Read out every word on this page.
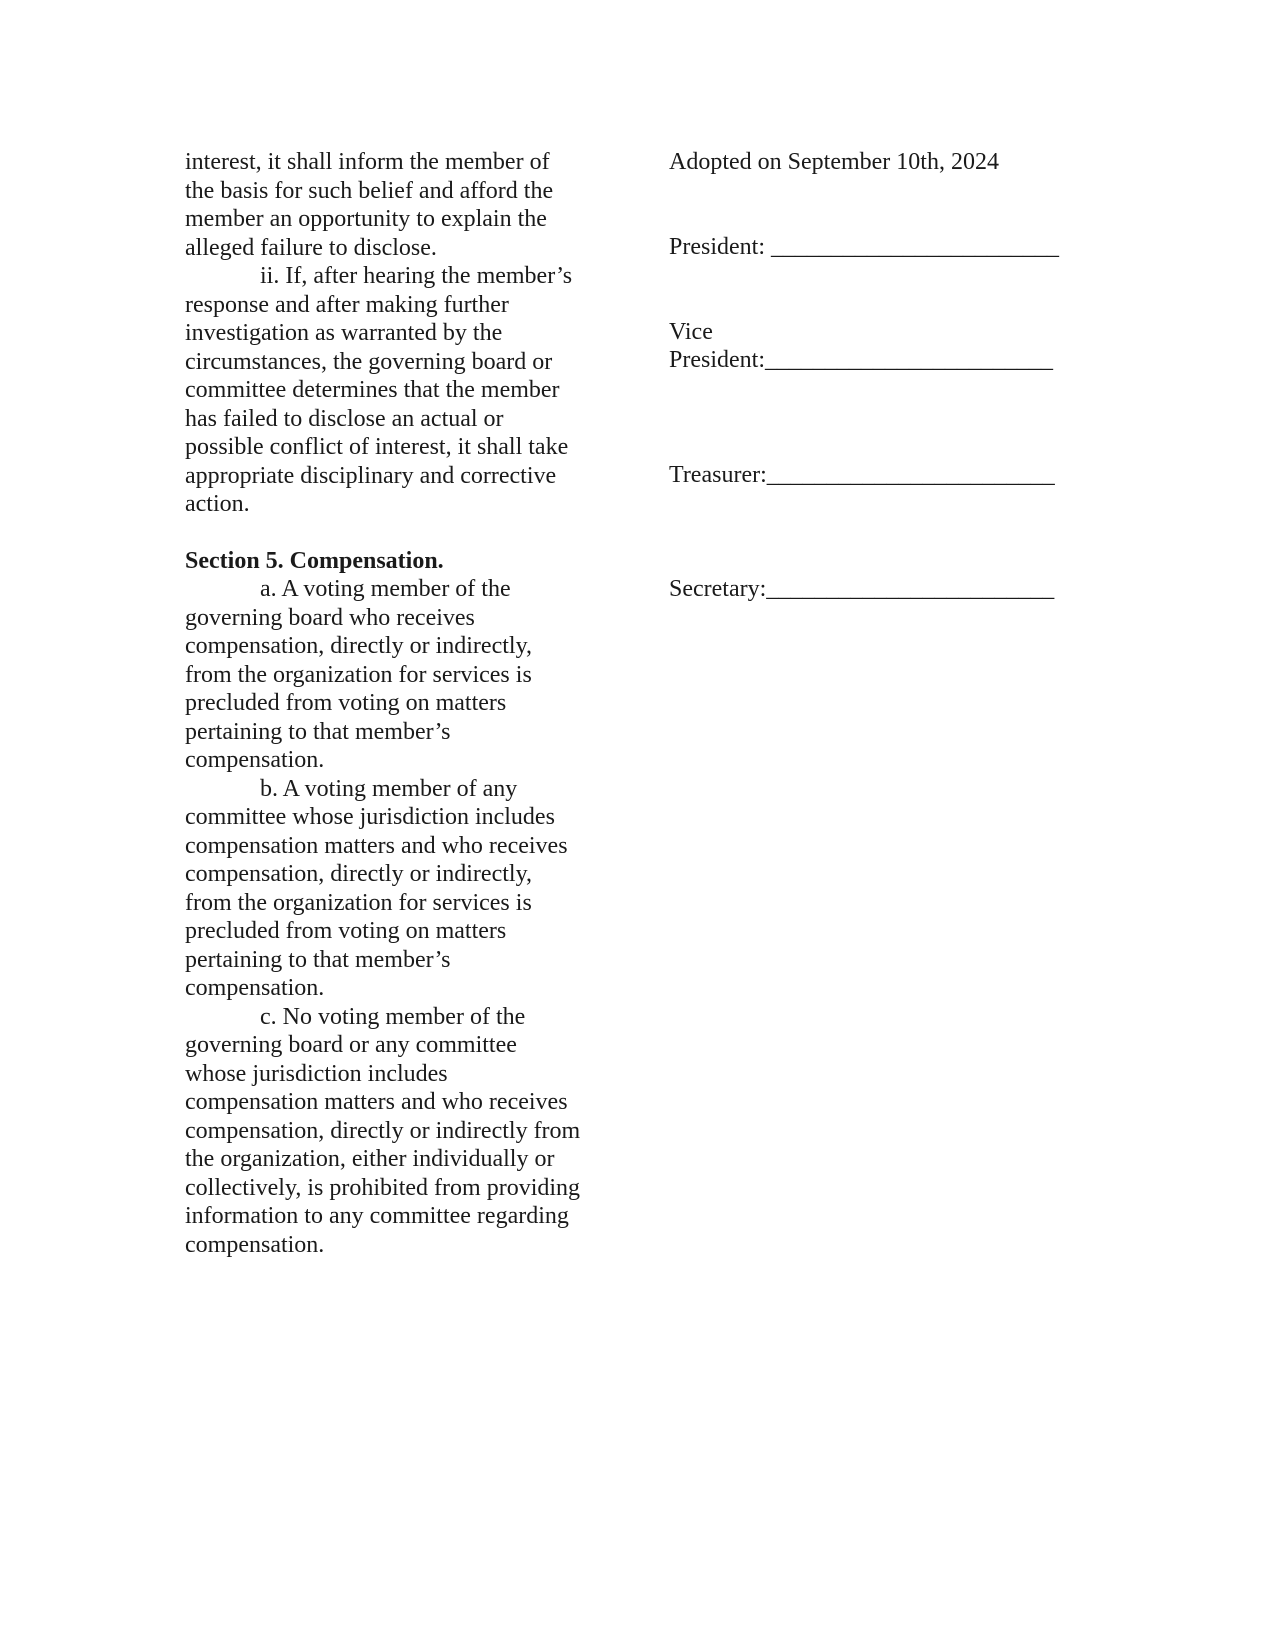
interest, it shall inform the member of
the basis for such belief and afford the
member an opportunity to explain the
alleged failure to disclose.
ii. If, after hearing the member’s
response and after making further
investigation as warranted by the
circumstances, the governing board or
committee determines that the member
has failed to disclose an actual or
possible conflict of interest, it shall take
appropriate disciplinary and corrective
action.
Section 5. Compensation.
a. A voting member of the
governing board who receives
compensation, directly or indirectly,
from the organization for services is
precluded from voting on matters
pertaining to that member’s
compensation.
b. A voting member of any
committee whose jurisdiction includes
compensation matters and who receives
compensation, directly or indirectly,
from the organization for services is
precluded from voting on matters
pertaining to that member’s
compensation.
c. No voting member of the
governing board or any committee
whose jurisdiction includes
compensation matters and who receives
compensation, directly or indirectly from
the organization, either individually or
collectively, is prohibited from providing
information to any committee regarding
compensation.
Adopted on September 10th, 2024
President: ________________________
Vice
President:________________________
Treasurer:________________________
Secretary:________________________
